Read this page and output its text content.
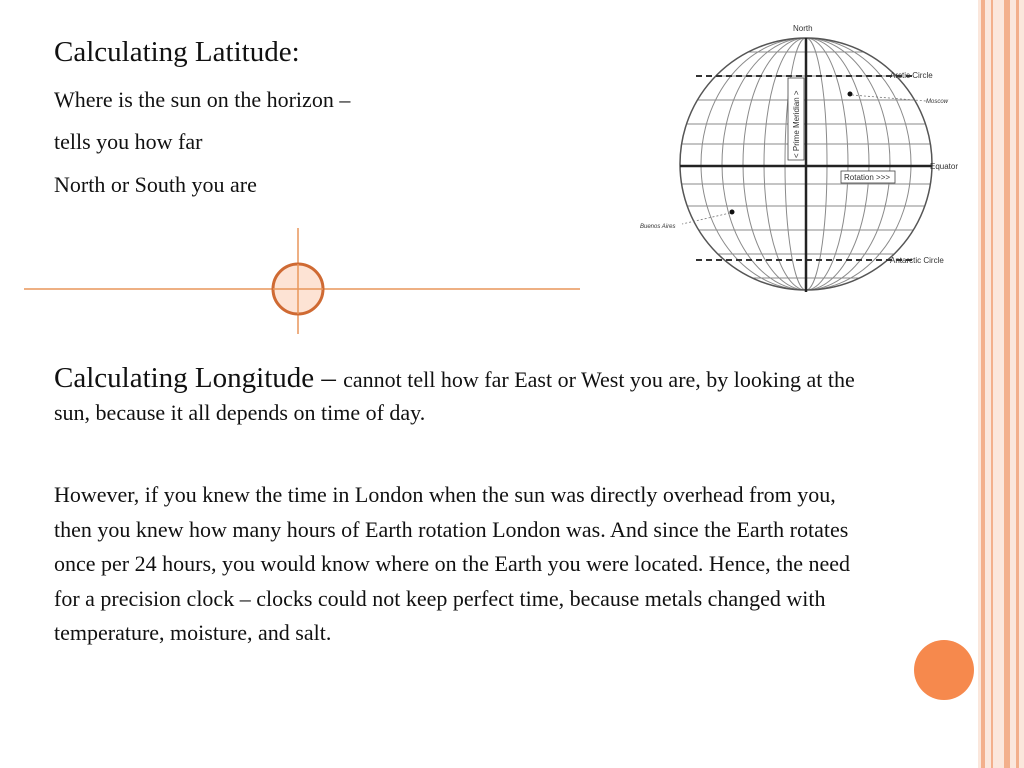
Calculating Latitude:
Where is the sun on the horizon –
tells you how far
North or South you are
< Prime Meridian >
Rotation >>>
North
Arctic Circle
Antarctic Circle
Equator
Moscow
Buenos Aires
Calculating Longitude – cannot tell how far East or West you are, by looking at the sun, because it all depends on time of day.
However, if you knew the time in London when the sun was directly overhead from you, then you knew how many hours of Earth rotation London was. And since the Earth rotates once per 24 hours, you would know where on the Earth you were located. Hence, the need for a precision clock – clocks could not keep perfect time, because metals changed with temperature, moisture, and salt.
